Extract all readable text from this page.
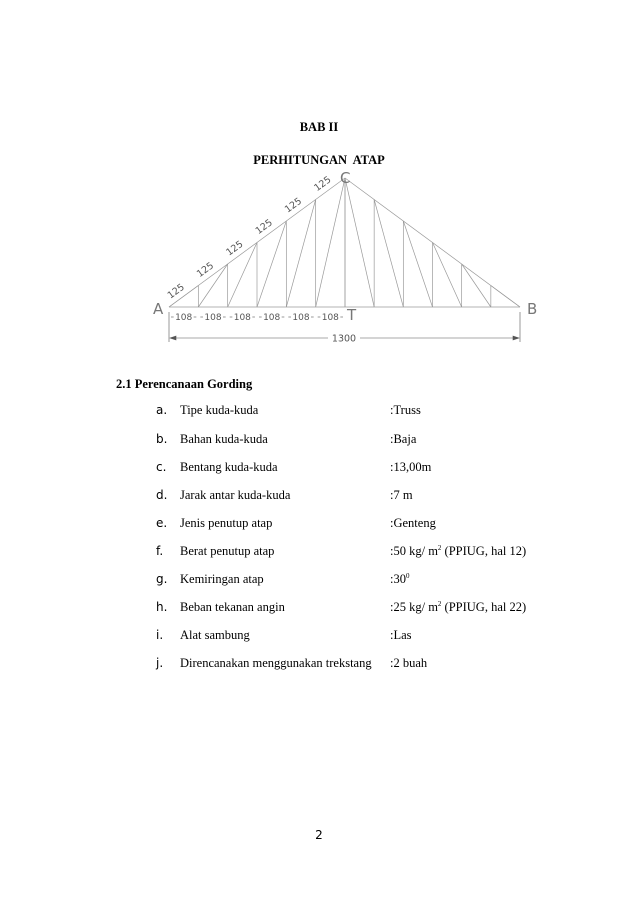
BAB II
PERHITUNGAN  ATAP
A	B
C
T
125
125
125
125
125
125
108 108 108 108 108 108
1300
2.1 Perencanaan Gording
a. Tipe kuda-kuda	:Truss
b. Bahan kuda-kuda	:Baja
c. Bentang kuda-kuda	:13,00m
d. Jarak antar kuda-kuda	:7 m
e. Jenis penutup atap	:Genteng
f. Berat penutup atap	:50 kg/ $m^2$ (PPIUG, hal 12)
g. Kemiringan atap	$:30^0$
h. Beban tekanan angin	:25 kg/ $m^2$ (PPIUG, hal 22)
i. Alat sambung	:Las
j. Direncanakan menggunakan trekstang :2 buah
2
